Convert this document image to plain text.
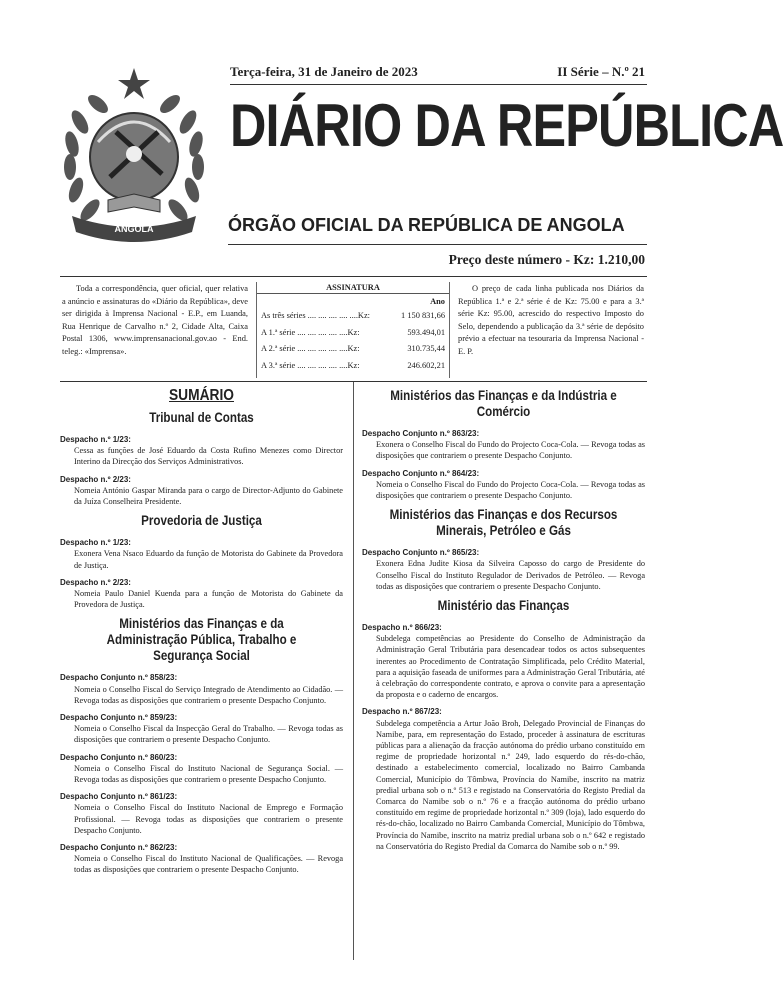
REPÚBLICA DE ANGOLA
ANGOLA
Terça-feira, 31 de Janeiro de 2023	II Série – N.º 21
DIÁRIO DA REPÚBLICA
ÓRGÃO OFICIAL DA REPÚBLICA DE ANGOLA
Preço deste número - Kz: 1.210,00
Toda a correspondência, quer oficial, quer relativa a anúncio e assinaturas do «Diário da República», deve ser dirigida à Imprensa Nacional - E.P., em Luanda, Rua Henrique de Carvalho n.º 2, Cidade Alta, Caixa Postal 1306, www.imprensanacional.gov.ao - End. teleg.: «Imprensa».
ASSINATURA
Ano
As três séries .... .... .... .... ....Kz:	1 150 831,66
A 1.ª série .... .... .... .... ....Kz:	593.494,01
A 2.ª série .... .... .... .... ....Kz:	310.735,44
A 3.ª série .... .... .... .... ....Kz:	246.602,21
O preço de cada linha publicada nos Diários da República 1.ª e 2.ª série é de Kz: 75.00 e para a 3.ª série Kz: 95.00, acrescido do respectivo Imposto do Selo, dependendo a publicação da 3.ª série de depósito prévio a efectuar na tesouraria da Imprensa Nacional - E. P.
SUMÁRIO
Tribunal de Contas
Despacho n.º 1/23:
Cessa as funções de José Eduardo da Costa Rufino Menezes como Director Interino da Direcção dos Serviços Administrativos.
Despacho n.º 2/23:
Nomeia António Gaspar Miranda para o cargo de Director-Adjunto do Gabinete da Juíza Conselheira Presidente.
Provedoria de Justiça
Despacho n.º 1/23:
Exonera Vena Nsaco Eduardo da função de Motorista do Gabinete da Provedora de Justiça.
Despacho n.º 2/23:
Nomeia Paulo Daniel Kuenda para a função de Motorista do Gabinete da Provedora de Justiça.
Ministérios das Finanças e da Administração Pública, Trabalho e Segurança Social
Despacho Conjunto n.º 858/23:
Nomeia o Conselho Fiscal do Serviço Integrado de Atendimento ao Cidadão. — Revoga todas as disposições que contrariem o presente Despacho Conjunto.
Despacho Conjunto n.º 859/23:
Nomeia o Conselho Fiscal da Inspecção Geral do Trabalho. — Revoga todas as disposições que contrariem o presente Despacho Conjunto.
Despacho Conjunto n.º 860/23:
Nomeia o Conselho Fiscal do Instituto Nacional de Segurança Social. — Revoga todas as disposições que contrariem o presente Despacho Conjunto.
Despacho Conjunto n.º 861/23:
Nomeia o Conselho Fiscal do Instituto Nacional de Emprego e Formação Profissional. — Revoga todas as disposições que contrariem o presente Despacho Conjunto.
Despacho Conjunto n.º 862/23:
Nomeia o Conselho Fiscal do Instituto Nacional de Qualificações. — Revoga todas as disposições que contrariem o presente Despacho Conjunto.
Ministérios das Finanças e da Indústria e Comércio
Despacho Conjunto n.º 863/23:
Exonera o Conselho Fiscal do Fundo do Projecto Coca-Cola. — Revoga todas as disposições que contrariem o presente Despacho Conjunto.
Despacho Conjunto n.º 864/23:
Nomeia o Conselho Fiscal do Fundo do Projecto Coca-Cola. — Revoga todas as disposições que contrariem o presente Despacho Conjunto.
Ministérios das Finanças e dos Recursos Minerais, Petróleo e Gás
Despacho Conjunto n.º 865/23:
Exonera Edna Judite Kiosa da Silveira Caposso do cargo de Presidente do Conselho Fiscal do Instituto Regulador de Derivados de Petróleo. — Revoga todas as disposições que contrariem o presente Despacho Conjunto.
Ministério das Finanças
Despacho n.º 866/23:
Subdelega competências ao Presidente do Conselho de Administração da Administração Geral Tributária para desencadear todos os actos subsequentes inerentes ao Procedimento de Contratação Simplificada, pelo Crédito Material, para a aquisição faseada de uniformes para a Administração Geral Tributária, até à celebração do correspondente contrato, e aprova o convite para a apresentação da proposta e o caderno de encargos.
Despacho n.º 867/23:
Subdelega competência a Artur João Broh, Delegado Provincial de Finanças do Namibe, para, em representação do Estado, proceder à assinatura de escrituras públicas para a alienação da fracção autónoma do prédio urbano constituído em regime de propriedade horizontal n.º 249, lado esquerdo do rés-do-chão, destinado a estabelecimento comercial, localizado no Bairro Cambanda Comercial, Município do Tômbwa, Província do Namibe, inscrito na matriz predial urbana sob o n.º 513 e registado na Conservatória do Registo Predial da Comarca do Namibe sob o n.º 76 e a fracção autónoma do prédio urbano constituído em regime de propriedade horizontal n.º 309 (loja), lado esquerdo do rés-do-chão, localizado no Bairro Cambanda Comercial, Município do Tômbwa, Província do Namibe, inscrito na matriz predial urbana sob o n.º 642 e registado na Conservatória do Registo Predial da Comarca do Namibe sob o n.º 99.
